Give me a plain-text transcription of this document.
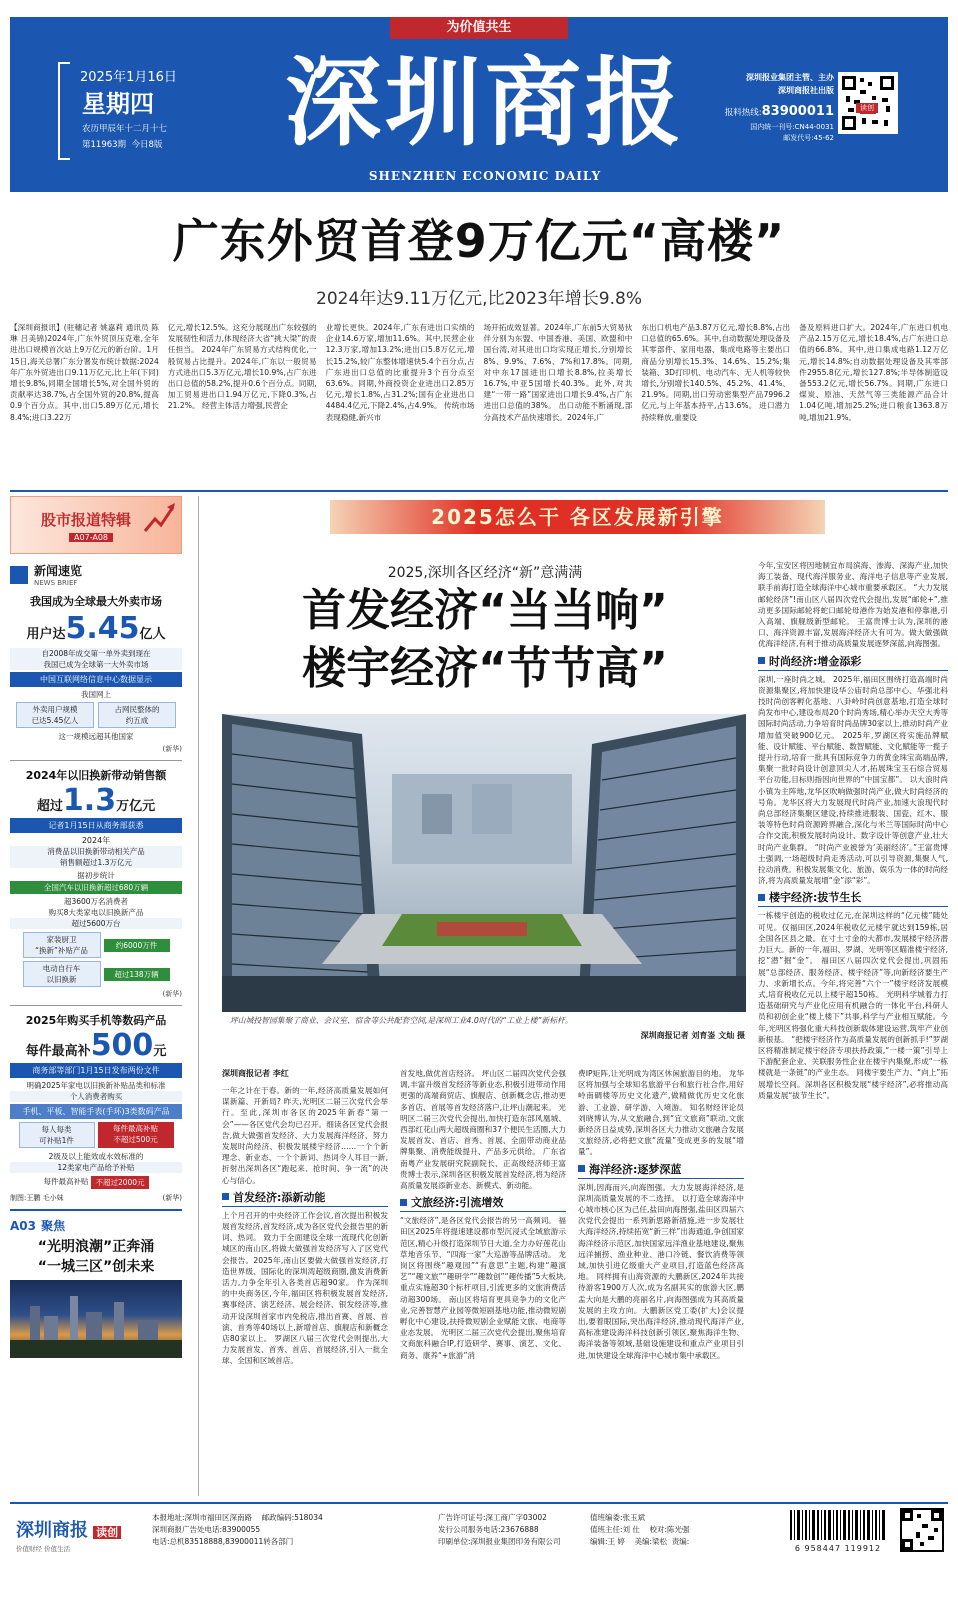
为价值共生
2025年1月16日
星期四
农历甲辰年十二月十七
第11963期 今日8版 深圳商报
SHENZHEN ECONOMIC DAILY
深圳报业集团主管、主办
深圳商报社出版
报料热线:83900011
国内统一刊号:CN44-0031
邮发代号:45-62
读创
广东外贸首登9万亿元“高楼”
2024年达9.11万亿元,比2023年增长9.8%
【深圳商报讯】(驻穗记者 姚嘉莉 通讯员 陈琳 吕美锦)2024年,广东外贸顶压克难,全年进出口规模首次站上9万亿元的新台阶。1月15日,海关总署广东分署发布统计数据:2024年广东外贸进出口9.11万亿元,比上年(下同)增长9.8%,同期全国增长5%,对全国外贸的贡献率达38.7%,占全国外贸的20.8%,提高0.9个百分点。其中,出口5.89万亿元,增长8.4%;进口3.22万
亿元,增长12.5%。这充分展现出广东较强的发展韧性和活力,体现经济大省“挑大梁”的责任担当。 2024年广东贸易方式结构优化,一般贸易占比提升。2024年,广东以一般贸易方式进出口5.3万亿元,增长10.9%,占广东进出口总值的58.2%,提升0.6个百分点。同期,加工贸易进出口1.94万亿元,下降0.3%,占21.2%。 经营主体活力增强,民营企
业增长更快。2024年,广东有进出口实绩的企业14.6万家,增加11.6%。其中,民营企业12.3万家,增加13.2%;进出口5.8万亿元,增长15.2%,较广东整体增速快5.4个百分点,占广东进出口总值的比重提升3个百分点至63.6%。同期,外商投资企业进出口2.85万亿元,增长1.8%,占31.2%;国有企业进出口4484.4亿元,下降2.4%,占4.9%。 传统市场表现稳健,新兴市
场开拓成效显著。2024年,广东前5大贸易伙伴分别为东盟、中国香港、美国、欧盟和中国台湾,对其进出口均实现正增长,分别增长8%、9.9%、7.6%、7%和17.8%。同期,对中东17国进出口增长8.8%,拉美增长16.7%,中亚5国增长40.3%。此外,对共建“一带一路”国家进出口增长9.4%,占广东进出口总值的38%。 出口动能不断涌现,部分高技术产品快速增长。2024年,广
东出口机电产品3.87万亿元,增长8.8%,占出口总值的65.6%。其中,自动数据处理设备及其零部件、家用电器、集成电路等主要出口商品分别增长15.3%、14.6%、15.2%;集装箱、3D打印机、电动汽车、无人机等较快增长,分别增长140.5%、45.2%、41.4%、21.9%。同期,出口劳动密集型产品7996.2亿元,与上年基本持平,占13.6%。 进口潜力持续释放,重要设
备及原料进口扩大。2024年,广东进口机电产品2.15万亿元,增长18.4%,占广东进口总值的66.8%。其中,进口集成电路1.12万亿元,增长14.8%;自动数据处理设备及其零部件2955.8亿元,增长127.8%;半导体制造设备553.2亿元,增长56.7%。同期,广东进口煤炭、原油、天然气等三类能源产品合计1.04亿吨,增加25.2%;进口粮食1363.8万吨,增加21.9%。
股市报道特辑
A07-A08
新闻速览
NEWS BRIEF
我国成为全球最大外卖市场
用户达5.45亿人
自2008年成交第一单外卖到现在
我国已成为全球第一大外卖市场
中国互联网络信息中心数据显示
我国网上
外卖用户规模
已达5.45亿人
占网民整体的
约五成
这一规模远超其他国家
(新华)
2024年以旧换新带动销售额
超过1.3万亿元
记者1月15日从商务部获悉
2024年
消费品以旧换新带动相关产品
销售额超过1.3万亿元
据初步统计
全国汽车以旧换新超过680万辆
超3600万名消费者
购买8大类家电以旧换新产品
超过5600万台
家装厨卫
“换新”补贴产品
约6000万件
电动自行车
以旧换新
超过138万辆
(新华)
2025年购买手机等数码产品
每件最高补500元
商务部等部门1月15日发布两份文件
明确2025年家电以旧换新补贴品类和标准
个人消费者购买
手机、平板、智能手表(手环)3类数码产品
每人每类
可补贴1件
每件最高补贴
不超过500元
2级及以上能效或水效标准的
12类家电产品给予补贴
每件最高补贴 不超过2000元
制图:王鹏 毛小妹	(新华)
A03 聚焦
“光明浪潮”正奔涌
“一城三区”创未来
2025怎么干 各区发展新引擎
2025,深圳各区经济“新”意满满
首发经济“当当响”
楼宇经济“节节高”
坪山城投智园集聚了商业、会议室、宿舍等公共配套空间,是深圳工业4.0时代的“工业上楼”新标杆。
深圳商报记者 刘育崟 文灿 摄
深圳商报记者 李红
一年之计在于春。新的一年,经济高质量发展如何谋新篇、开新局? 昨天,光明区二届三次党代会举行。至此,深圳市各区的2025年新春“第一会”——各区党代会均已召开。细读各区党代会报告,做大做强首发经济、大力发展海洋经济、努力发展时尚经济、积极发展楼宇经济……一个个新理念、新业态、一个个新词、热词令人耳目一新,折射出深圳各区“跑起来、抢时间、争一流”的决心与信心。
首发经济:添新动能
上个月召开的中央经济工作会议,首次提出积极发展首发经济,首发经济,成为各区党代会报告里的新词、热词。 致力于全面建设全球一流现代化创新城区的南山区,将做大做强首发经济写入了区党代会报告。2025年,南山区要做大做强首发经济,打造世界级、国际化的深圳湾超级商圈,激发消费新活力,力争全年引入各类首店超90家。 作为深圳的中央商务区,今年,福田区将积极发展首发经济,赛事经济、演艺经济、展会经济、银发经济等,推动开设深圳首家市内免税店,推出首赛、首展、首演、首秀等40场以上,新增首店、旗舰店和新概念店80家以上。 罗湖区八届三次党代会则提出,大力发展首发、首秀、首店、首展经济,引入一批全球、全国和区域首店。
首发地,做优首店经济。 坪山区二届四次党代会强调,丰富升级首发经济等新业态,积极引进带动作用更强的高端商贸店、旗舰店、创新概念店,推动更多首店、首展等首发经济落户,让坪山潮起来。 光明区二届三次党代会提出,加快打造东部风凰城、西部红花山两大超级商圈和37个便民生活圈,大力发展首发、首店、首秀、首展、全面带动商业品牌集聚、消费能级提升、产品多元供给。 广东省南粤产业发展研究院副院长、正高级经济师王富贵博士表示,深圳各区积极发展首发经济,将为经济高质量发展添新业态、新模式、新动能。
文旅经济:引流增效
“文旅经济”,是各区党代会报告的另一高频词。 福田区2025年将提速建设都市型沉浸式全域旅游示范区,精心升级打造深圳节日大道,全力办好莲花山草地音乐节、“四海一家”大巡游等品牌活动。 龙岗区将围绕“趣观园”“有意思”主题,构建“趣演艺”“趣文旅”“趣研学”“趣数创”“趣传播”5大板块,重点实施超30个标杆项目,引流更多的文旅消费活动超300场。 南山区将培育更具竞争力的文化产业,完善智慧产业园等微短剧基地功能,推动微短剧孵化中心建设,扶持微短剧企业赋能文旅、电商等业态发展。 光明区二届三次党代会提出,聚焦培育文商旅科融合IP,打造研学、赛事、演艺、文化、商务、康养“+旅游”消
费IP矩阵,让光明成为湾区休闲旅游目的地。 龙华区将加强与全球知名旅游平台和旅行社合作,用好岭南碉楼等历史文化遗产,做精做优历史文化旅游、工业游、研学游、入境游。 知名财经评论员刘晓博认为,从文旅融合,到“宜文旅商”联动,文旅新经济日益成势,深圳各区大力推动文旅融合发展文旅经济,必将把文旅“流量”变成更多的发展“增量”。
海洋经济:逐梦深蓝
深圳,因海而兴,向海图强。大力发展海洋经济,是深圳高质量发展的不二选择。 以打造全球海洋中心城市核心区为己任,盐田向海图强,盐田区四届六次党代会提出一系列新思路新措施,进一步发展壮大海洋经济,持续拓宽“新三样”出海通道,争创国家海洋经济示范区,加快国家远洋渔业基地建设,聚焦远洋捕捞、渔业种业、港口冷链、餐饮消费等领域,加快引进亿级重大产业项目,打造蓝色经济高地。 同样拥有山海资源的大鹏新区,2024年共接待游客1900万人次,成为名副其实的旅游大区,鹏盂大向是大鹏的亮丽名片,向海图强成为其高质量发展的主攻方向。大鹏新区党工委(扩大)会议提出,要着眼国际,突出海洋经济,推动现代海洋产业,高标准建设海洋科技创新引领区,聚焦海洋生物、海洋装备等领域,基础设施建设和重点产业项目引进,加快建设全球海洋中心城市集中承载区。
今年,宝安区将因地制宜布局滨海、渗海、深海产业,加快海工装备、现代海洋服务业、海洋电子信息等产业发展,联手前海打造全球海洋中心城市重要承载区。 “大力发展邮轮经济”!南山区八届四次党代会提出,发展“邮轮+”,推动更多国际邮轮将蛇口邮轮母港作为始发港和停靠港,引入高端、旗舰级新型邮轮。 王富贵博士认为,深圳的港口、海洋资源丰富,发展海洋经济大有可为。做大做强做优海洋经济,有利于推动高质量发展逐梦深蓝,向海图强。
时尚经济:增金添彩
深圳,一座时尚之城。 2025年,福田区围绕打造高端时尚资源集聚区,将加快建设华公庙时尚总部中心、华强北科技时尚创客孵化基地、八卦岭时尚创意基地,打造全球时尚发布中心,建设布局20个时尚秀场,精心举办天空大秀等国际时尚活动,力争培育时尚品牌30家以上,推动时尚产业增加值突破900亿元。 2025年,罗湖区将实施品牌赋能、设计赋能、平台赋能、数智赋能、文化赋能等一揽子提升行动,培育一批具有国际竞争力的黄金珠宝高端品牌,集聚一批时尚设计创意顶尖人才,拓展珠宝玉石综合贸易平台功能,目标则指因向世界的“中国宝都”。 以大浪时尚小镇为主阵地,龙华区吹响做强时尚产业,做大时尚经济的号角。龙华区将大力发展现代时尚产业,加速大浪现代时尚总部经济集聚区建设,持续推进服装、国瓷、红木、服装等特色时尚资源跨界融合,深化与米兰等国际时尚中心合作交流,积极发展时尚设计、数字设计等创意产业,壮大时尚产业集群。 “时尚产业被誉为‘美丽经济’。”王富贵博士强调,一场超级时尚走秀活动,可以引导资源,集聚人气,拉动消费。积极发展集文化、旅游、娱乐为一体的时尚经济,将为高质量发展增“金”添“彩”。
楼宇经济:拔节生长
一栋楼宇创造的税收过亿元,在深圳这样的“亿元楼”随处可见。仅福田区,2024年税收亿元楼宇就达到159栋,居全国各区县之最。在寸土寸金的大都市,发展楼宇经济潜力巨大。新的一年,福田、罗湖、光明等区瞄准楼宇经济,挖“潜”掘“金”。 福田区八届四次党代会提出,巩固拓展“总部经济、服务经济、楼宇经济”等,向新经济要生产力、求新增长点。今年,将完善“六个一”楼宇经济发展模式,培育税收亿元以上楼宇超150栋。 光明科学城着力打造基础研究与产业化应用有机融合的一体化平台,科研人员和初创企业“楼上楼下”共事,科学与产业相互赋能。今年,光明区将强化重大科技创新载体建设运营,筑牢产业创新根基。 “把楼宇经济作为高质量发展的创新抓手!”罗湖区将精准制定楼宇经济专项扶持政策,“一楼一策”引导上下游配套企业、关联服务性企业在楼宇内集聚,形成“一栋楼就是一条链”的产业生态。 同楼宇要生产力、“向上”拓展增长空间。深圳各区积极发展“楼宇经济”,必将推动高质量发展“拔节生长”。
深圳商报 读创
价值财经 价值生活
本报地址:深圳市福田区深南路 邮政编码:518034
深圳商报广告处电话:83900055
电话:总机83518888,83900011转各部门
广告许可证号:深工商广字03002
发行公司服务电话:23676888
印刷单位:深圳报业集团印务有限公司
值班编委:张玉斌
值班主任:刘 仕 校对:陈光强
编辑:王 婷 美编:梁松 责编:
6 958447 119912
